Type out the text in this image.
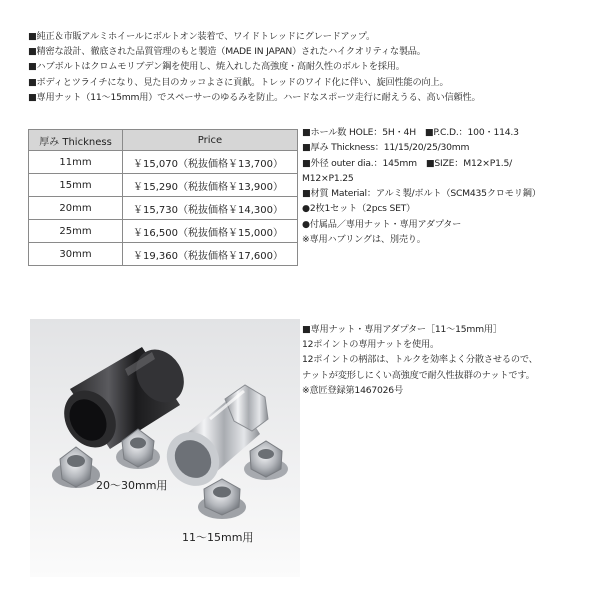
■純正＆市販アルミホイールにボルトオン装着で、ワイドトレッドにグレードアップ。
■精密な設計、徹底された品質管理のもと製造（MADE IN JAPAN）されたハイクオリティな製品。
■ハブボルトはクロムモリブデン鋼を使用し、焼入れした高強度・高耐久性のボルトを採用。
■ボディとツライチになり、見た目のカッコよさに貢献。トレッドのワイド化に伴い、旋回性能の向上。
■専用ナット（11～15mm用）でスペーサーのゆるみを防止。ハードなスポーツ走行に耐えうる、高い信頼性。
厚み Thickness	Price
11mm	￥15,070（税抜価格￥13,700）
15mm	￥15,290（税抜価格￥13,900）
20mm	￥15,730（税抜価格￥14,300）
25mm	￥16,500（税抜価格￥15,000）
30mm	￥19,360（税抜価格￥17,600）
■ホール数 HOLE：5H・4H　■P.C.D.：100・114.3
■厚み Thickness：11/15/20/25/30mm
■外径 outer dia.：145mm　■SIZE：M12×P1.5/
M12×P1.25
■材質 Material：アルミ製/ボルト（SCM435クロモリ鋼）
●2枚1セット（2pcs SET）
●付属品／専用ナット・専用アダプター
※専用ハブリングは、別売り。
20～30mm用
11～15mm用
■専用ナット・専用アダプター［11～15mm用］
12ポイントの専用ナットを使用。
12ポイントの柄部は、トルクを効率よく分散させるので、
ナットが変形しにくい高強度で耐久性抜群のナットです。
※意匠登録第1467026号
